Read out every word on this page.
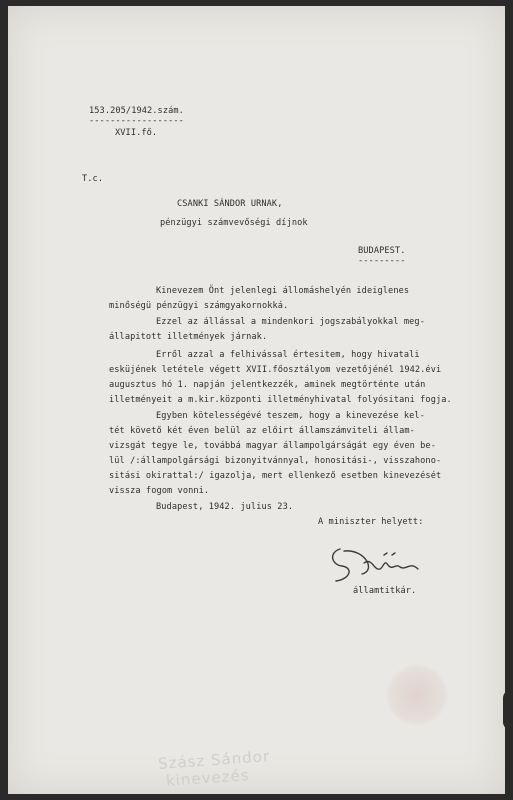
153.205/1942.szám.
------------------
XVII.fő.
T.c.
CSANKI SÁNDOR URNAK,
pénzügyi számvevőségi díjnok
BUDAPEST.
---------
Kinevezem Önt jelenlegi állomáshelyén ideiglenes
minőségü pénzügyi számgyakornokká.
Ezzel az állással a mindenkori jogszabályokkal meg-
állapitott illetmények járnak.
Erről azzal a felhivással értesitem, hogy hivatali
esküjének letétele végett XVII.főosztályom vezetőjénél 1942.évi
augusztus hó 1. napján jelentkezzék, aminek megtörténte után
illetményeit a m.kir.központi illetményhivatal folyósitani fogja.
Egyben kötelességévé teszem, hogy a kinevezése kel-
tét követő két éven belül az előirt államszámviteli állam-
vizsgát tegye le, továbbá magyar állampolgárságát egy éven be-
lül /:állampolgársági bizonyitvánnyal, honositási-, visszahono-
sitási okirattal:/ igazolja, mert ellenkező esetben kinevezését
vissza fogom vonni.
Budapest, 1942. julius 23.
A miniszter helyett:
államtitkár.
Szász Sándor
kinevezés
